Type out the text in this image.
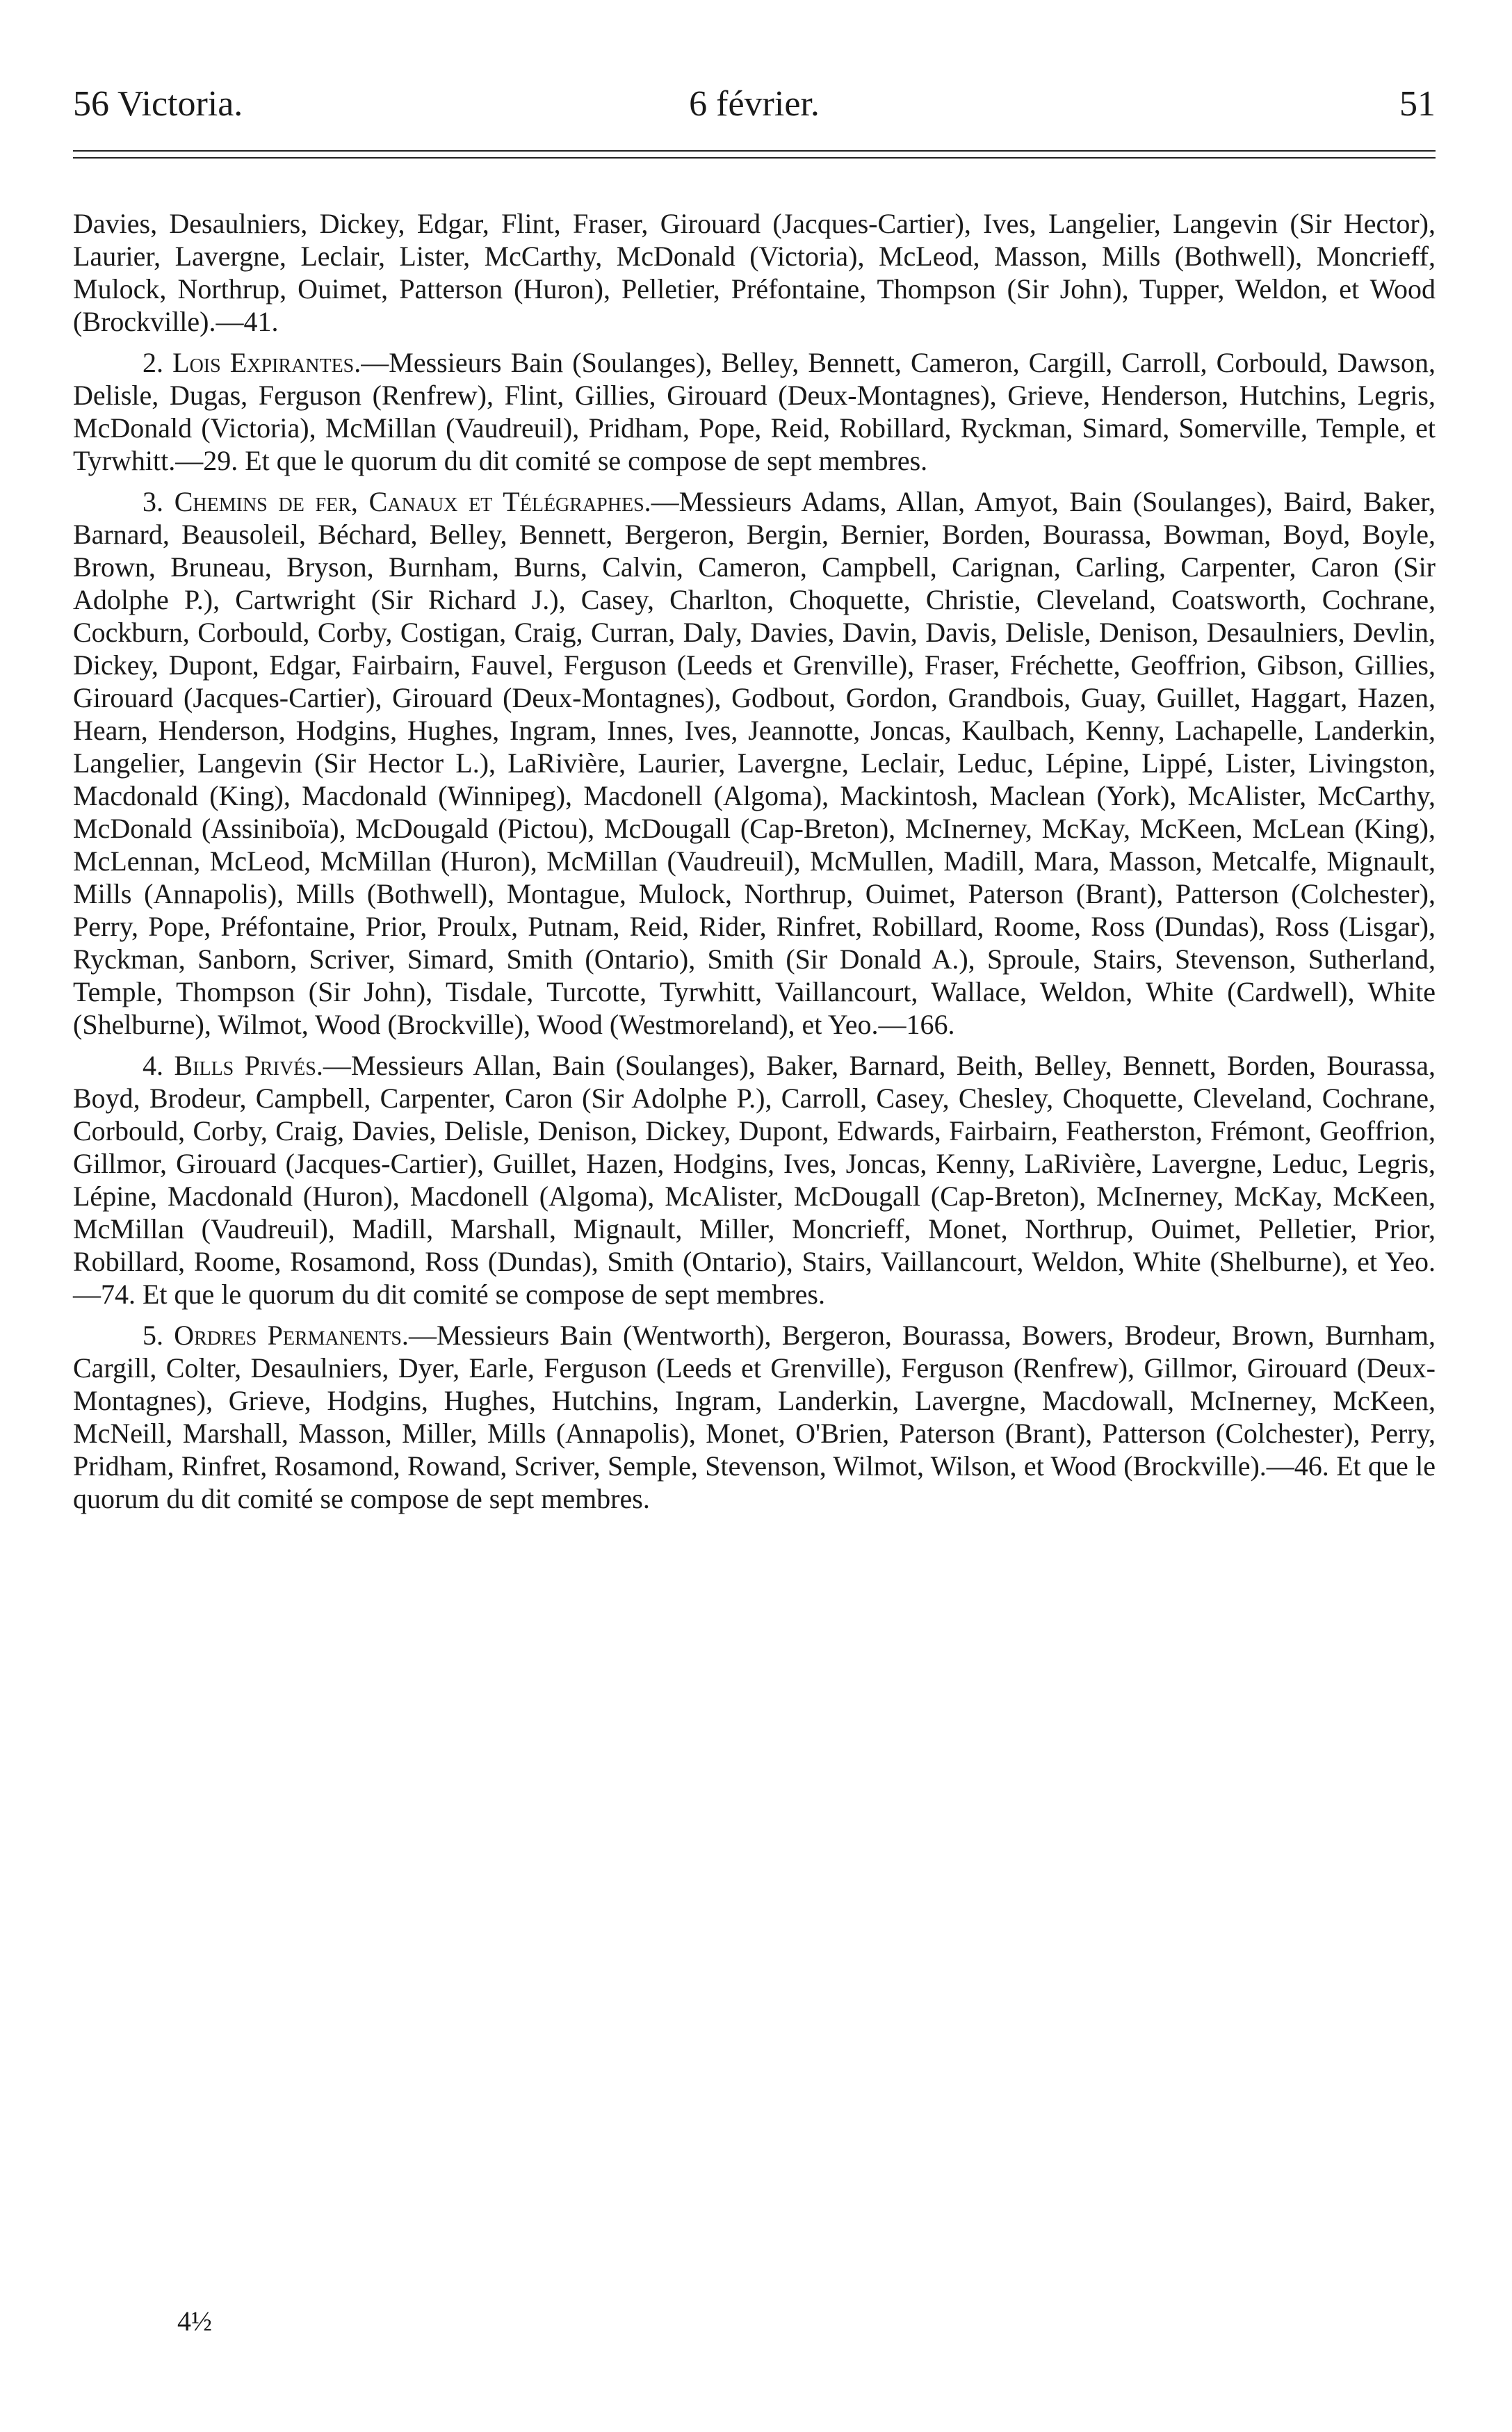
56 Victoria.	6 février.	51

Davies, Desaulniers, Dickey, Edgar, Flint, Fraser, Girouard (Jacques-Cartier), Ives, Langelier, Langevin (Sir Hector), Laurier, Lavergne, Leclair, Lister, McCarthy, McDonald (Victoria), McLeod, Masson, Mills (Bothwell), Moncrieff, Mulock, Northrup, Ouimet, Patterson (Huron), Pelletier, Préfontaine, Thompson (Sir John), Tupper, Weldon, et Wood (Brockville).—41.

2. Lois Expirantes.—Messieurs Bain (Soulanges), Belley, Bennett, Cameron, Cargill, Carroll, Corbould, Dawson, Delisle, Dugas, Ferguson (Renfrew), Flint, Gillies, Girouard (Deux-Montagnes), Grieve, Henderson, Hutchins, Legris, McDonald (Victoria), McMillan (Vaudreuil), Pridham, Pope, Reid, Robillard, Ryckman, Simard, Somerville, Temple, et Tyrwhitt.—29. Et que le quorum du dit comité se compose de sept membres.

3. Chemins de fer, Canaux et Télégraphes.—Messieurs Adams, Allan, Amyot, Bain (Soulanges), Baird, Baker, Barnard, Beausoleil, Béchard, Belley, Bennett, Bergeron, Bergin, Bernier, Borden, Bourassa, Bowman, Boyd, Boyle, Brown, Bruneau, Bryson, Burnham, Burns, Calvin, Cameron, Campbell, Carignan, Carling, Carpenter, Caron (Sir Adolphe P.), Cartwright (Sir Richard J.), Casey, Charlton, Choquette, Christie, Cleveland, Coatsworth, Cochrane, Cockburn, Corbould, Corby, Costigan, Craig, Curran, Daly, Davies, Davin, Davis, Delisle, Denison, Desaulniers, Devlin, Dickey, Dupont, Edgar, Fairbairn, Fauvel, Ferguson (Leeds et Grenville), Fraser, Fréchette, Geoffrion, Gibson, Gillies, Girouard (Jacques-Cartier), Girouard (Deux-Montagnes), Godbout, Gordon, Grandbois, Guay, Guillet, Haggart, Hazen, Hearn, Henderson, Hodgins, Hughes, Ingram, Innes, Ives, Jeannotte, Joncas, Kaulbach, Kenny, Lachapelle, Landerkin, Langelier, Langevin (Sir Hector L.), LaRivière, Laurier, Lavergne, Leclair, Leduc, Lépine, Lippé, Lister, Livingston, Macdonald (King), Macdonald (Winnipeg), Macdonell (Algoma), Mackintosh, Maclean (York), McAlister, McCarthy, McDonald (Assiniboïa), McDougald (Pictou), McDougall (Cap-Breton), McInerney, McKay, McKeen, McLean (King), McLennan, McLeod, McMillan (Huron), McMillan (Vaudreuil), McMullen, Madill, Mara, Masson, Metcalfe, Mignault, Mills (Annapolis), Mills (Bothwell), Montague, Mulock, Northrup, Ouimet, Paterson (Brant), Patterson (Colchester), Perry, Pope, Préfontaine, Prior, Proulx, Putnam, Reid, Rider, Rinfret, Robillard, Roome, Ross (Dundas), Ross (Lisgar), Ryckman, Sanborn, Scriver, Simard, Smith (Ontario), Smith (Sir Donald A.), Sproule, Stairs, Stevenson, Sutherland, Temple, Thompson (Sir John), Tisdale, Turcotte, Tyrwhitt, Vaillancourt, Wallace, Weldon, White (Cardwell), White (Shelburne), Wilmot, Wood (Brockville), Wood (Westmoreland), et Yeo.—166.

4. Bills Privés.—Messieurs Allan, Bain (Soulanges), Baker, Barnard, Beith, Belley, Bennett, Borden, Bourassa, Boyd, Brodeur, Campbell, Carpenter, Caron (Sir Adolphe P.), Carroll, Casey, Chesley, Choquette, Cleveland, Cochrane, Corbould, Corby, Craig, Davies, Delisle, Denison, Dickey, Dupont, Edwards, Fairbairn, Featherston, Frémont, Geoffrion, Gillmor, Girouard (Jacques-Cartier), Guillet, Hazen, Hodgins, Ives, Joncas, Kenny, LaRivière, Lavergne, Leduc, Legris, Lépine, Macdonald (Huron), Macdonell (Algoma), McAlister, McDougall (Cap-Breton), McInerney, McKay, McKeen, McMillan (Vaudreuil), Madill, Marshall, Mignault, Miller, Moncrieff, Monet, Northrup, Ouimet, Pelletier, Prior, Robillard, Roome, Rosamond, Ross (Dundas), Smith (Ontario), Stairs, Vaillancourt, Weldon, White (Shelburne), et Yeo.—74. Et que le quorum du dit comité se compose de sept membres.

5. Ordres Permanents.—Messieurs Bain (Wentworth), Bergeron, Bourassa, Bowers, Brodeur, Brown, Burnham, Cargill, Colter, Desaulniers, Dyer, Earle, Ferguson (Leeds et Grenville), Ferguson (Renfrew), Gillmor, Girouard (Deux-Montagnes), Grieve, Hodgins, Hughes, Hutchins, Ingram, Landerkin, Lavergne, Macdowall, McInerney, McKeen, McNeill, Marshall, Masson, Miller, Mills (Annapolis), Monet, O'Brien, Paterson (Brant), Patterson (Colchester), Perry, Pridham, Rinfret, Rosamond, Rowand, Scriver, Semple, Stevenson, Wilmot, Wilson, et Wood (Brockville).—46. Et que le quorum du dit comité se compose de sept membres.

4½
